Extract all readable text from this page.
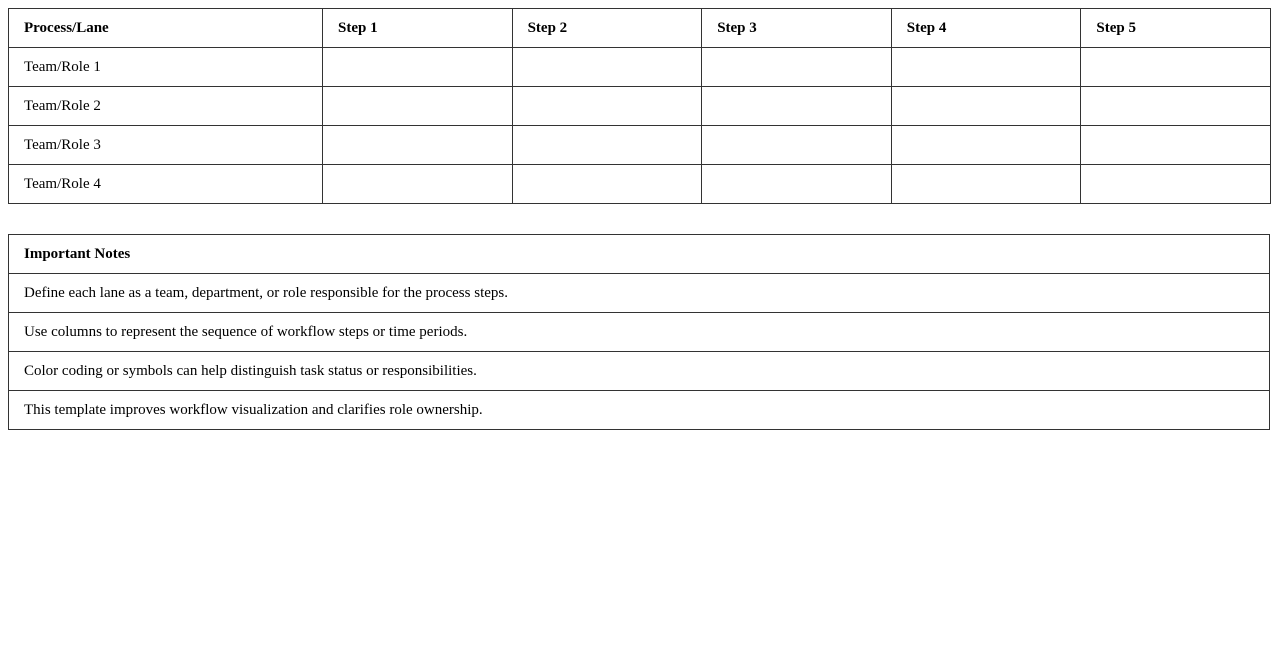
Process/Lane	Step 1	Step 2	Step 3	Step 4	Step 5
Team/Role 1					
Team/Role 2					
Team/Role 3					
Team/Role 4					
Important Notes
Define each lane as a team, department, or role responsible for the process steps.
Use columns to represent the sequence of workflow steps or time periods.
Color coding or symbols can help distinguish task status or responsibilities.
This template improves workflow visualization and clarifies role ownership.
